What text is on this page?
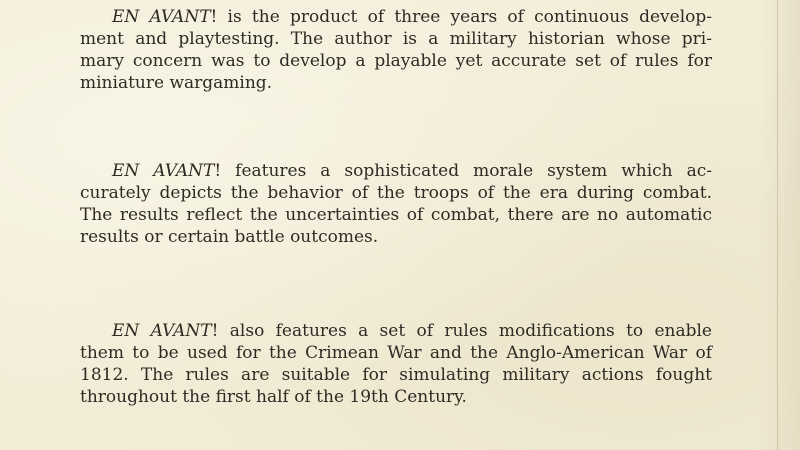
EN AVANT! is the product of three years of continuous develop-
ment and playtesting. The author is a military historian whose pri-
mary concern was to develop a playable yet accurate set of rules for
miniature wargaming.

EN AVANT! features a sophisticated morale system which ac-
curately depicts the behavior of the troops of the era during combat.
The results reflect the uncertainties of combat, there are no automatic
results or certain battle outcomes.

EN AVANT! also features a set of rules modifications to enable
them to be used for the Crimean War and the Anglo-American War of
1812. The rules are suitable for simulating military actions fought
throughout the first half of the 19th Century.
